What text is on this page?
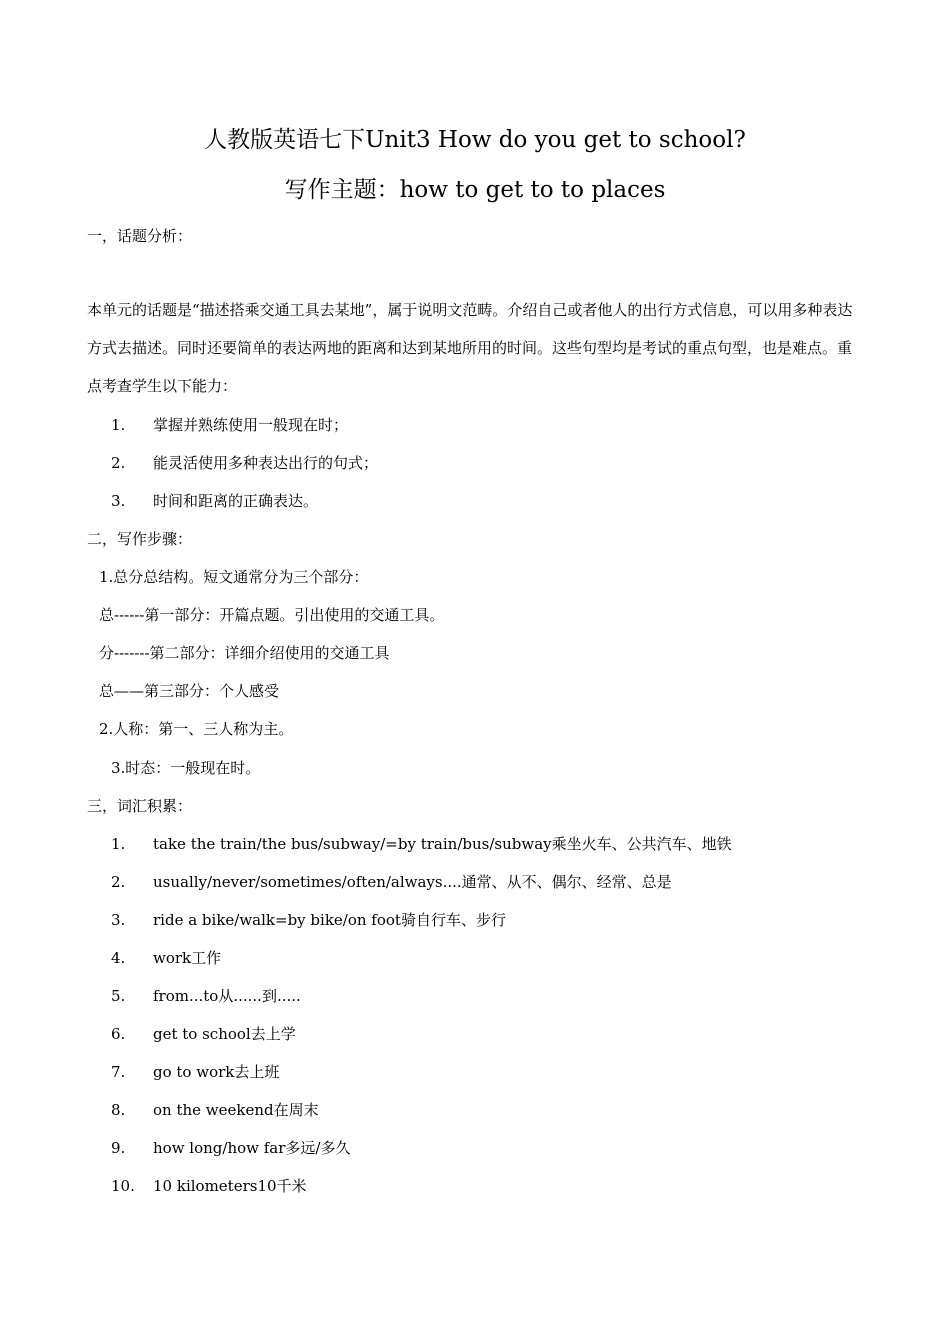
人教版英语七下Unit3 How do you get to school?
写作主题：how to get to to places
一，话题分析：
本单元的话题是“描述搭乘交通工具去某地”，属于说明文范畴。介绍自己或者他人的出行方式信息，可以用多种表达方式去描述。同时还要简单的表达两地的距离和达到某地所用的时间。这些句型均是考试的重点句型，也是难点。重点考查学生以下能力：
1. 掌握并熟练使用一般现在时；
2. 能灵活使用多种表达出行的句式；
3. 时间和距离的正确表达。
二，写作步骤：
1.总分总结构。短文通常分为三个部分：
总------第一部分：开篇点题。引出使用的交通工具。
分-------第二部分：详细介绍使用的交通工具
总——第三部分：个人感受
2.人称：第一、三人称为主。
3.时态：一般现在时。
三，词汇积累：
1. take the train/the bus/subway/=by train/bus/subway乘坐火车、公共汽车、地铁
2. usually/never/sometimes/often/always....通常、从不、偶尔、经常、总是
3. ride a bike/walk=by bike/on foot骑自行车、步行
4. work工作
5. from...to从......到.....
6. get to school去上学
7. go to work去上班
8. on the weekend在周末
9. how long/how far多远/多久
10. 10 kilometers10千米
